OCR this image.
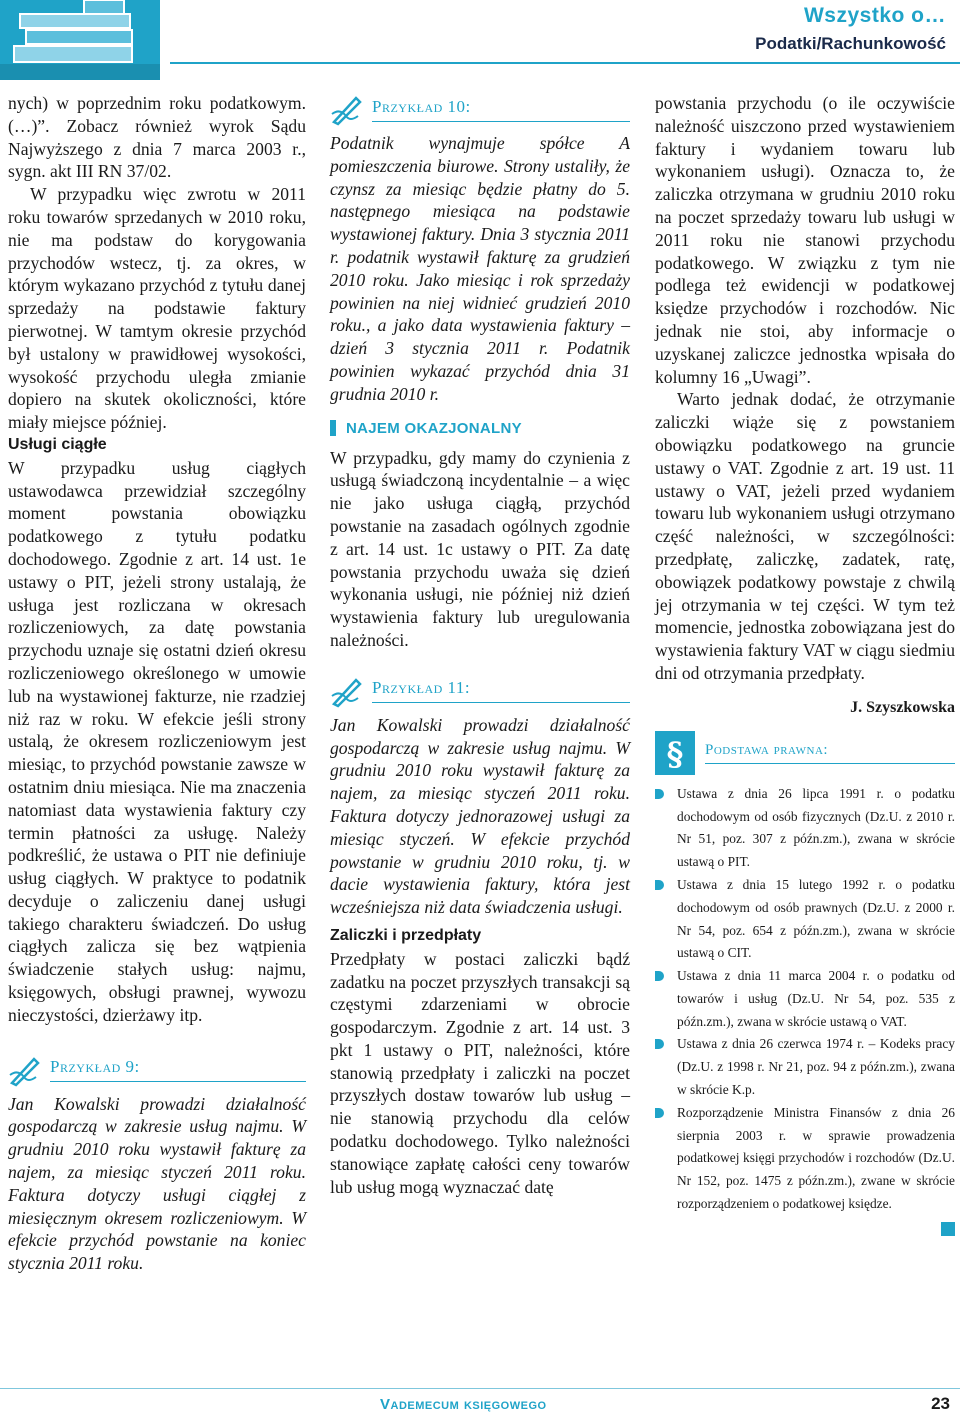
Wszystko o…
Podatki/Rachunkowość

nych) w poprzednim roku podatkowym. (…)”. Zobacz również wyrok Sądu Najwyższego z dnia 7 marca 2003 r., sygn. akt III RN 37/02.

W przypadku więc zwrotu w 2011 roku towarów sprzedanych w 2010 roku, nie ma podstaw do korygowania przychodów wstecz, tj. za okres, w którym wykazano przychód z tytułu danej sprzedaży na podstawie faktury pierwotnej. W tamtym okresie przychód był ustalony w prawidłowej wysokości, wysokość przychodu uległa zmianie dopiero na skutek okoliczności, które miały miejsce później.

Usługi ciągłe

W przypadku usług ciągłych ustawodawca przewidział szczególny moment powstania obowiązku podatkowego z tytułu podatku dochodowego. Zgodnie z art. 14 ust. 1e ustawy o PIT, jeżeli strony ustalają, że usługa jest rozliczana w okresach rozliczeniowych, za datę powstania przychodu uznaje się ostatni dzień okresu rozliczeniowego określonego w umowie lub na wystawionej fakturze, nie rzadziej niż raz w roku. W efekcie jeśli strony ustalą, że okresem rozliczeniowym jest miesiąc, to przychód powstanie zawsze w ostatnim dniu miesiąca. Nie ma znaczenia natomiast data wystawienia faktury czy termin płatności za usługę. Należy podkreślić, że ustawa o PIT nie definiuje usług ciągłych. W praktyce to podatnik decyduje o zaliczeniu danej usługi takiego charakteru świadczeń. Do usług ciągłych zalicza się bez wątpienia świadczenie stałych usług: najmu, księgowych, obsługi prawnej, wywozu nieczystości, dzierżawy itp.

Przykład 9:

Jan Kowalski prowadzi działalność gospodarczą w zakresie usług najmu. W grudniu 2010 roku wystawił fakturę za najem, za miesiąc styczeń 2011 roku. Faktura dotyczy usługi ciągłej z miesięcznym okresem rozliczeniowym. W efekcie przychód powstanie na koniec stycznia 2011 roku.

Przykład 10:

Podatnik wynajmuje spółce A pomieszczenia biurowe. Strony ustaliły, że czynsz za miesiąc będzie płatny do 5. następnego miesiąca na podstawie wystawionej faktury. Dnia 3 stycznia 2011 r. podatnik wystawił fakturę za grudzień 2010 roku. Jako miesiąc i rok sprzedaży powinien na niej widnieć grudzień 2010 roku., a jako data wystawienia faktury – dzień 3 stycznia 2011 r. Podatnik powinien wykazać przychód dnia 31 grudnia 2010 r.

NAJEM OKAZJONALNY

W przypadku, gdy mamy do czynienia z usługą świadczoną incydentalnie – a więc nie jako usługa ciągłą, przychód powstanie na zasadach ogólnych zgodnie z art. 14 ust. 1c ustawy o PIT. Za datę powstania przychodu uważa się dzień wykonania usługi, nie później niż dzień wystawienia faktury lub uregulowania należności.

Przykład 11:

Jan Kowalski prowadzi działalność gospodarczą w zakresie usług najmu. W grudniu 2010 roku wystawił fakturę za najem, za miesiąc styczeń 2011 roku. Faktura dotyczy jednorazowej usługi za miesiąc styczeń. W efekcie przychód powstanie w grudniu 2010 roku, tj. w dacie wystawienia faktury, która jest wcześniejsza niż data świadczenia usługi.

Zaliczki i przedpłaty

Przedpłaty w postaci zaliczki bądź zadatku na poczet przyszłych transakcji są częstymi zdarzeniami w obrocie gospodarczym. Zgodnie z art. 14 ust. 3 pkt 1 ustawy o PIT, należności, które stanowią przedpłaty i zaliczki na poczet przyszłych dostaw towarów lub usług – nie stanowią przychodu dla celów podatku dochodowego. Tylko należności stanowiące zapłatę całości ceny towarów lub usług mogą wyznaczać datę

powstania przychodu (o ile oczywiście należność uiszczono przed wystawieniem faktury i wydaniem towaru lub wykonaniem usługi). Oznacza to, że zaliczka otrzymana w grudniu 2010 roku na poczet sprzedaży towaru lub usługi w 2011 roku nie stanowi przychodu podatkowego. W związku z tym nie podlega też ewidencji w podatkowej księdze przychodów i rozchodów. Nic jednak nie stoi, aby informacje o uzyskanej zaliczce jednostka wpisała do kolumny 16 „Uwagi”.

Warto jednak dodać, że otrzymanie zaliczki wiąże się z powstaniem obowiązku podatkowego na gruncie ustawy o VAT. Zgodnie z art. 19 ust. 11 ustawy o VAT, jeżeli przed wydaniem towaru lub wykonaniem usługi otrzymano część należności, w szczególności: przedpłatę, zaliczkę, zadatek, ratę, obowiązek podatkowy powstaje z chwilą jej otrzymania w tej części. W tym też momencie, jednostka zobowiązana jest do wystawienia faktury VAT w ciągu siedmiu dni od otrzymania przedpłaty.

J. Szyszkowska
§ Podstawa prawna:
Ustawa z dnia 26 lipca 1991 r. o podatku dochodowym od osób fizycznych (Dz.U. z 2010 r. Nr 51, poz. 307 z późn.zm.), zwana w skrócie ustawą o PIT.
Ustawa z dnia 15 lutego 1992 r. o podatku dochodowym od osób prawnych (Dz.U. z 2000 r. Nr 54, poz. 654 z późn.zm.), zwana w skrócie ustawą o CIT.
Ustawa z dnia 11 marca 2004 r. o podatku od towarów i usług (Dz.U. Nr 54, poz. 535 z późn.zm.), zwana w skrócie ustawą o VAT.
Ustawa z dnia 26 czerwca 1974 r. – Kodeks pracy (Dz.U. z 1998 r. Nr 21, poz. 94 z późn.zm.), zwana w skrócie K.p.
Rozporządzenie Ministra Finansów z dnia 26 sierpnia 2003 r. w sprawie prowadzenia podatkowej księgi przychodów i rozchodów (Dz.U. Nr 152, poz. 1475 z późn.zm.), zwane w skrócie rozporządzeniem o podatkowej księdze.
Vademecum księgowego	23
